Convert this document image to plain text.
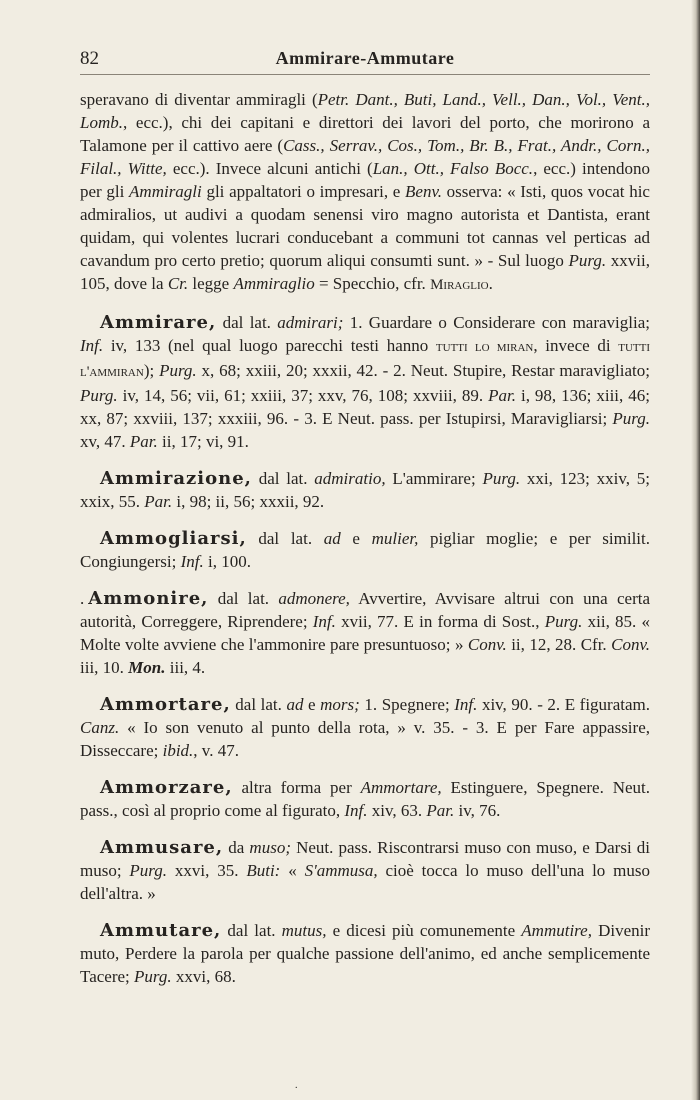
82	Ammirare-Ammutare

speravano di diventar ammiragli (Petr. Dant., Buti, Land., Vell., Dan., Vol., Vent., Lomb., ecc.), chi dei capitani e direttori dei lavori del porto, che morirono a Talamone per il cattivo aere (Cass., Serrav., Cos., Tom., Br. B., Frat., Andr., Corn., Filal., Witte, ecc.). Invece alcuni antichi (Lan., Ott., Falso Bocc., ecc.) intendono per gli Ammiragli gli appaltatori o impresari, e Benv. osserva: « Isti, quos vocat hic admiralios, ut audivi a quodam senensi viro magno autorista et Dantista, erant quidam, qui volentes lucrari conducebant a communi tot cannas vel perticas ad cavandum pro certo pretio; quorum aliqui consumti sunt. » - Sul luogo Purg. xxvii, 105, dove la Cr. legge Ammiraglio = Specchio, cfr. Miraglio.

Ammirare, dal lat. admirari; 1. Guardare o Considerare con maraviglia; Inf. iv, 133 (nel qual luogo parecchi testi hanno tutti lo miran, invece di tutti l'ammiran); Purg. x, 68; xxiii, 20; xxxii, 42. - 2. Neut. Stupire, Restar maravigliato; Purg. iv, 14, 56; vii, 61; xxiii, 37; xxv, 76, 108; xxviii, 89. Par. i, 98, 136; xiii, 46; xx, 87; xxviii, 137; xxxiii, 96. - 3. E Neut. pass. per Istupirsi, Maravigliarsi; Purg. xv, 47. Par. ii, 17; vi, 91.

Ammirazione, dal lat. admiratio, L'ammirare; Purg. xxi, 123; xxiv, 5; xxix, 55. Par. i, 98; ii, 56; xxxii, 92.

Ammogliarsi, dal lat. ad e mulier, pigliar moglie; e per similit. Congiungersi; Inf. i, 100.

. Ammonire, dal lat. admonere, Avvertire, Avvisare altrui con una certa autorità, Correggere, Riprendere; Inf. xvii, 77. E in forma di Sost., Purg. xii, 85. « Molte volte avviene che l'ammonire pare presuntuoso; » Conv. ii, 12, 28. Cfr. Conv. iii, 10. Mon. iii, 4.

Ammortare, dal lat. ad e mors; 1. Spegnere; Inf. xiv, 90. - 2. E figuratam. Canz. « Io son venuto al punto della rota, » v. 35. - 3. E per Fare appassire, Disseccare; ibid., v. 47.

Ammorzare, altra forma per Ammortare, Estinguere, Spegnere. Neut. pass., così al proprio come al figurato, Inf. xiv, 63. Par. iv, 76.

Ammusare, da muso; Neut. pass. Riscontrarsi muso con muso, e Darsi di muso; Purg. xxvi, 35. Buti: « S'ammusa, cioè tocca lo muso dell'una lo muso dell'altra. »

Ammutare, dal lat. mutus, e dicesi più comunemente Ammutire, Divenir muto, Perdere la parola per qualche passione dell'animo, ed anche semplicemente Tacere; Purg. xxvi, 68.

.
